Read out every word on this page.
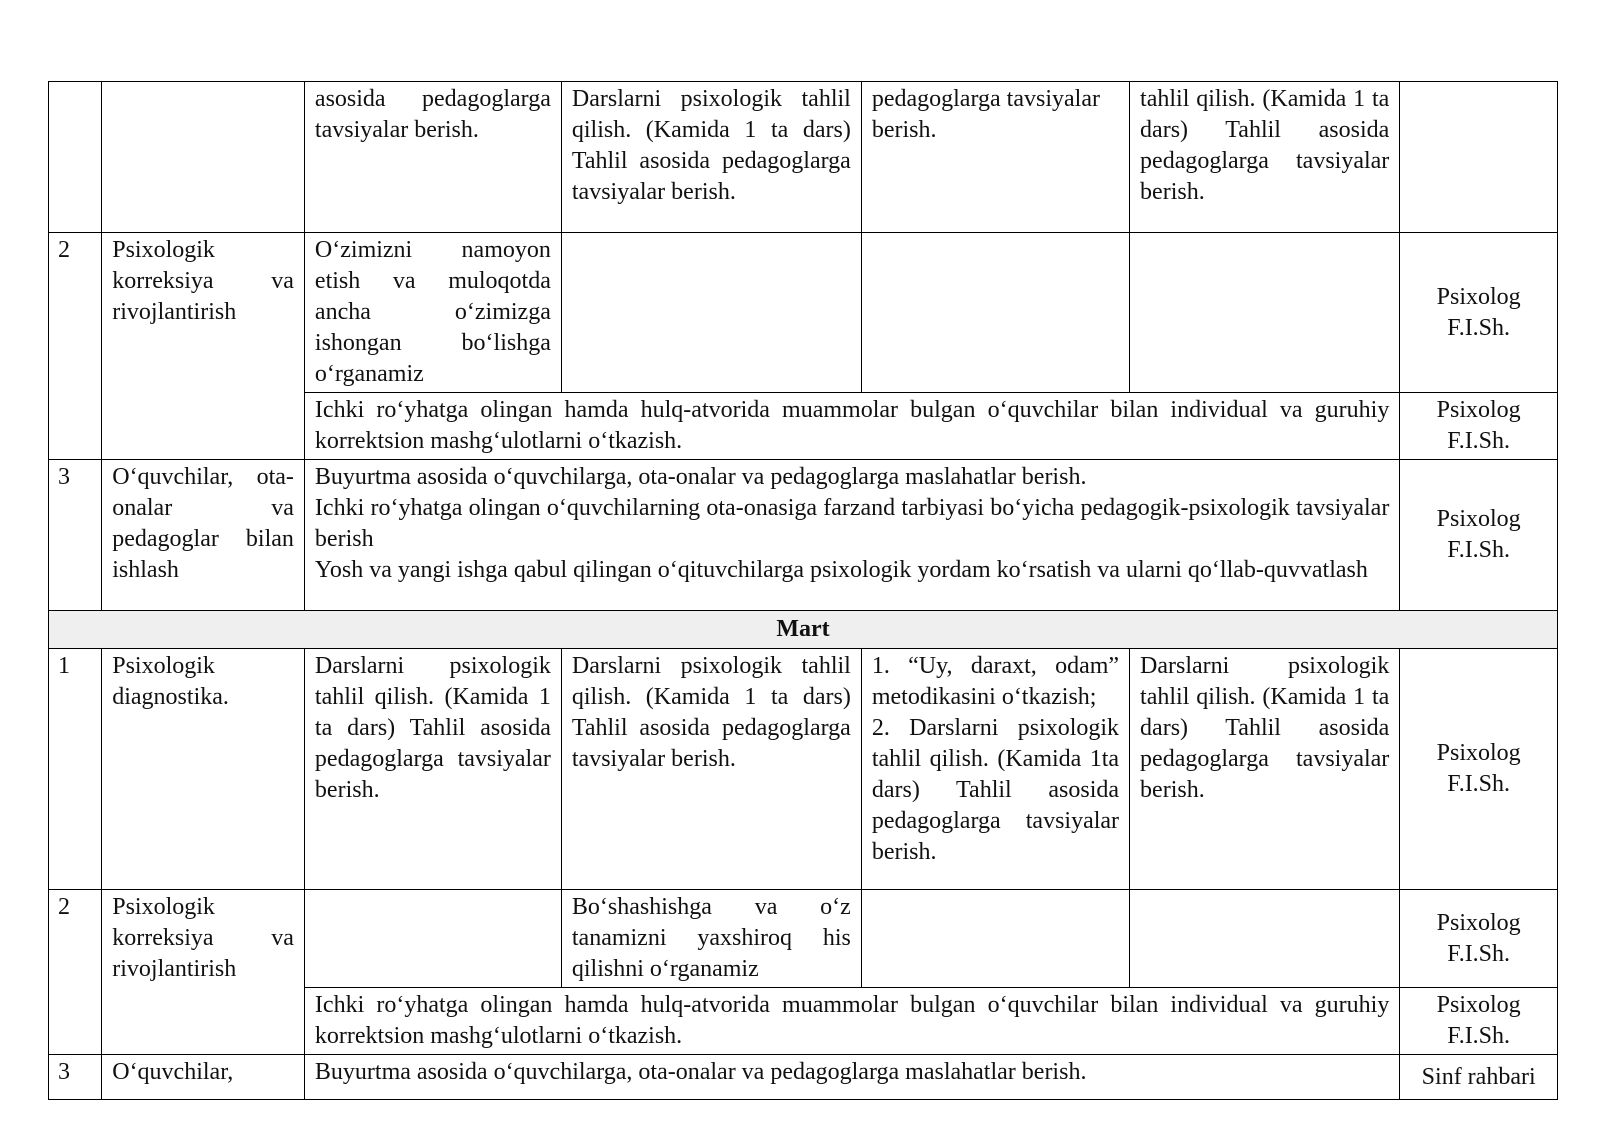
		asosida pedagoglarga tavsiyalar berish.	Darslarni psixologik tahlil qilish. (Kamida 1 ta dars) Tahlil asosida pedagoglarga tavsiyalar berish.	pedagoglarga tavsiyalar berish.	tahlil qilish. (Kamida 1 ta dars) Tahlil asosida pedagoglarga tavsiyalar berish.	
2	Psixologik korreksiya va rivojlantirish	O‘zimizni namoyon etish va muloqotda ancha o‘zimizga ishongan bo‘lishga o‘rganamiz				Psixolog
F.I.Sh.

		Ichki ro‘yhatga olingan hamda hulq-atvorida muammolar bulgan o‘quvchilar bilan individual va guruhiy korrektsion mashg‘ulotlarni o‘tkazish.				Psixolog
F.I.Sh.

3	O‘quvchilar, ota-onalar va pedagoglar bilan ishlash	Buyurtma asosida o‘quvchilarga, ota-onalar va pedagoglarga maslahatlar berish.
Ichki ro‘yhatga olingan o‘quvchilarning ota-onasiga farzand tarbiyasi bo‘yicha pedagogik-psixologik tavsiyalar berish
Yosh va yangi ishga qabul qilingan o‘qituvchilarga psixologik yordam ko‘rsatish va ularni qo‘llab-quvvatlash				Psixolog
F.I.Sh.

Mart						
1	Psixologik diagnostika.	Darslarni psixologik tahlil qilish. (Kamida 1 ta dars) Tahlil asosida pedagoglarga tavsiyalar berish.	Darslarni psixologik tahlil qilish. (Kamida 1 ta dars) Tahlil asosida pedagoglarga tavsiyalar berish.	1. “Uy, daraxt, odam” metodikasini o‘tkazish;
2. Darslarni psixologik tahlil qilish. (Kamida 1ta dars) Tahlil asosida pedagoglarga tavsiyalar berish.	Darslarni psixologik tahlil qilish. (Kamida 1 ta dars) Tahlil asosida pedagoglarga tavsiyalar berish.	Psixolog
F.I.Sh.

2	Psixologik korreksiya va rivojlantirish		Bo‘shashishga va o‘z tanamizni yaxshiroq his qilishni o‘rganamiz			Psixolog
F.I.Sh.

		Ichki ro‘yhatga olingan hamda hulq-atvorida muammolar bulgan o‘quvchilar bilan individual va guruhiy korrektsion mashg‘ulotlarni o‘tkazish.				Psixolog
F.I.Sh.

3	O‘quvchilar,	Buyurtma asosida o‘quvchilarga, ota-onalar va pedagoglarga maslahatlar berish.				Sinf rahbari
